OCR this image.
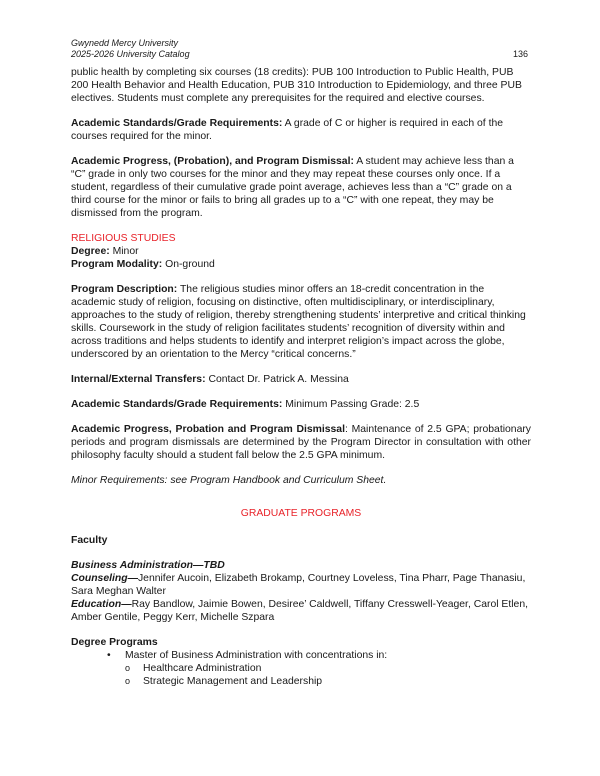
Gwynedd Mercy University
2025-2026 University Catalog	136

public health by completing six courses (18 credits): PUB 100 Introduction to Public Health, PUB 200 Health Behavior and Health Education, PUB 310 Introduction to Epidemiology, and three PUB electives. Students must complete any prerequisites for the required and elective courses.

Academic Standards/Grade Requirements: A grade of C or higher is required in each of the courses required for the minor.

Academic Progress, (Probation), and Program Dismissal: A student may achieve less than a “C” grade in only two courses for the minor and they may repeat these courses only once. If a student, regardless of their cumulative grade point average, achieves less than a “C” grade on a third course for the minor or fails to bring all grades up to a “C” with one repeat, they may be dismissed from the program.

RELIGIOUS STUDIES
Degree: Minor
Program Modality: On-ground

Program Description: The religious studies minor offers an 18-credit concentration in the academic study of religion, focusing on distinctive, often multidisciplinary, or interdisciplinary, approaches to the study of religion, thereby strengthening students’ interpretive and critical thinking skills. Coursework in the study of religion facilitates students’ recognition of diversity within and across traditions and helps students to identify and interpret religion’s impact across the globe, underscored by an orientation to the Mercy “critical concerns.”

Internal/External Transfers: Contact Dr. Patrick A. Messina

Academic Standards/Grade Requirements: Minimum Passing Grade: 2.5

Academic Progress, Probation and Program Dismissal: Maintenance of 2.5 GPA; probationary periods and program dismissals are determined by the Program Director in consultation with other philosophy faculty should a student fall below the 2.5 GPA minimum.

Minor Requirements: see Program Handbook and Curriculum Sheet.

GRADUATE PROGRAMS

Faculty

Business Administration—TBD
Counseling—Jennifer Aucoin, Elizabeth Brokamp, Courtney Loveless, Tina Pharr, Page Thanasiu, Sara Meghan Walter
Education—Ray Bandlow, Jaimie Bowen, Desiree’ Caldwell, Tiffany Cresswell-Yeager, Carol Etlen, Amber Gentile, Peggy Kerr, Michelle Szpara
Degree Programs
• Master of Business Administration with concentrations in:
o Healthcare Administration
o Strategic Management and Leadership
